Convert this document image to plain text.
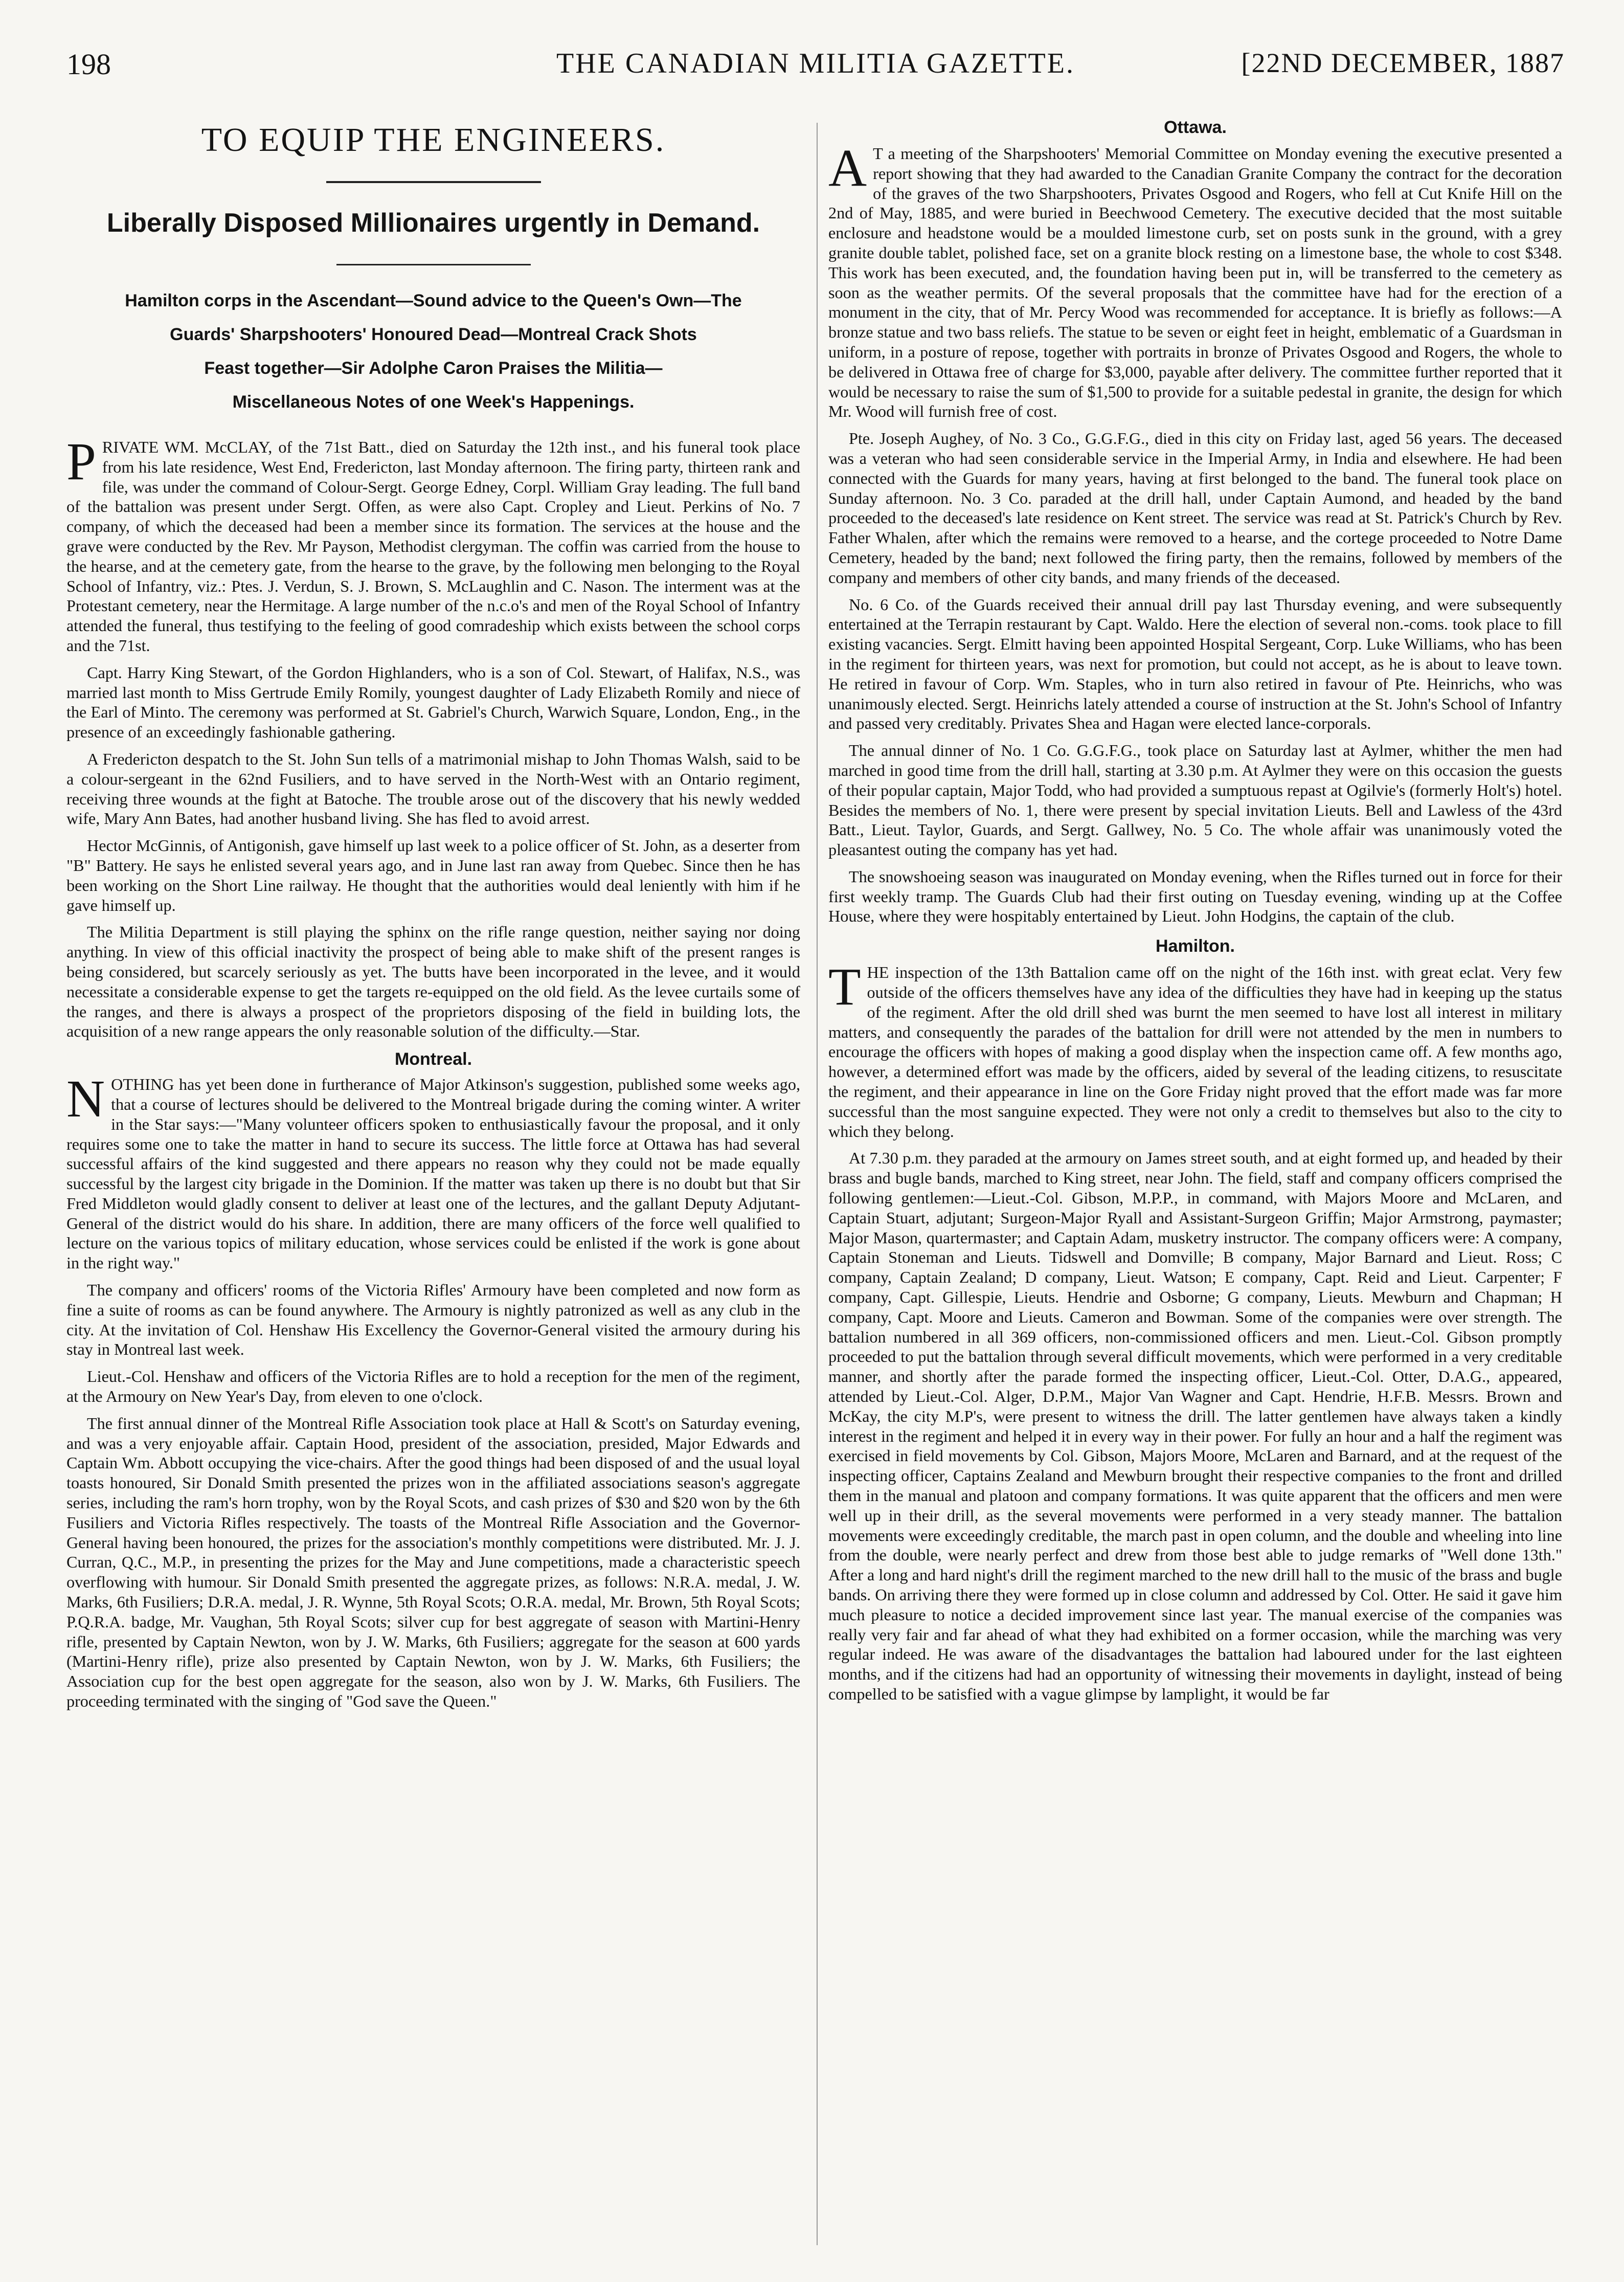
198	THE CANADIAN MILITIA GAZETTE.	[22ND DECEMBER, 1887
TO EQUIP THE ENGINEERS.
Liberally Disposed Millionaires urgently in Demand.
Hamilton corps in the Ascendant—Sound advice to the Queen's Own—The
Guards' Sharpshooters' Honoured Dead—Montreal Crack Shots
Feast together—Sir Adolphe Caron Praises the Militia—
Miscellaneous Notes of one Week's Happenings.

PRIVATE WM. McCLAY, of the 71st Batt., died on Saturday the 12th inst., and his funeral took place from his late residence, West End, Fredericton, last Monday afternoon. The firing party, thirteen rank and file, was under the command of Colour-Sergt. George Edney, Corpl. William Gray leading. The full band of the battalion was present under Sergt. Offen, as were also Capt. Cropley and Lieut. Perkins of No. 7 company, of which the deceased had been a member since its formation. The services at the house and the grave were conducted by the Rev. Mr Payson, Methodist clergyman. The coffin was carried from the house to the hearse, and at the cemetery gate, from the hearse to the grave, by the following men belonging to the Royal School of Infantry, viz.: Ptes. J. Verdun, S. J. Brown, S. McLaughlin and C. Nason. The interment was at the Protestant cemetery, near the Hermitage. A large number of the n.c.o's and men of the Royal School of Infantry attended the funeral, thus testifying to the feeling of good comradeship which exists between the school corps and the 71st.

Capt. Harry King Stewart, of the Gordon Highlanders, who is a son of Col. Stewart, of Halifax, N.S., was married last month to Miss Gertrude Emily Romily, youngest daughter of Lady Elizabeth Romily and niece of the Earl of Minto. The ceremony was performed at St. Gabriel's Church, Warwich Square, London, Eng., in the presence of an exceedingly fashionable gathering.

A Fredericton despatch to the St. John Sun tells of a matrimonial mishap to John Thomas Walsh, said to be a colour-sergeant in the 62nd Fusiliers, and to have served in the North-West with an Ontario regiment, receiving three wounds at the fight at Batoche. The trouble arose out of the discovery that his newly wedded wife, Mary Ann Bates, had another husband living. She has fled to avoid arrest.

Hector McGinnis, of Antigonish, gave himself up last week to a police officer of St. John, as a deserter from "B" Battery. He says he enlisted several years ago, and in June last ran away from Quebec. Since then he has been working on the Short Line railway. He thought that the authorities would deal leniently with him if he gave himself up.

The Militia Department is still playing the sphinx on the rifle range question, neither saying nor doing anything. In view of this official inactivity the prospect of being able to make shift of the present ranges is being considered, but scarcely seriously as yet. The butts have been incorporated in the levee, and it would necessitate a considerable expense to get the targets re-equipped on the old field. As the levee curtails some of the ranges, and there is always a prospect of the proprietors disposing of the field in building lots, the acquisition of a new range appears the only reasonable solution of the difficulty.—Star.

Montreal.

NOTHING has yet been done in furtherance of Major Atkinson's suggestion, published some weeks ago, that a course of lectures should be delivered to the Montreal brigade during the coming winter. A writer in the Star says:—"Many volunteer officers spoken to enthusiastically favour the proposal, and it only requires some one to take the matter in hand to secure its success. The little force at Ottawa has had several successful affairs of the kind suggested and there appears no reason why they could not be made equally successful by the largest city brigade in the Dominion. If the matter was taken up there is no doubt but that Sir Fred Middleton would gladly consent to deliver at least one of the lectures, and the gallant Deputy Adjutant-General of the district would do his share. In addition, there are many officers of the force well qualified to lecture on the various topics of military education, whose services could be enlisted if the work is gone about in the right way."

The company and officers' rooms of the Victoria Rifles' Armoury have been completed and now form as fine a suite of rooms as can be found anywhere. The Armoury is nightly patronized as well as any club in the city. At the invitation of Col. Henshaw His Excellency the Governor-General visited the armoury during his stay in Montreal last week.

Lieut.-Col. Henshaw and officers of the Victoria Rifles are to hold a reception for the men of the regiment, at the Armoury on New Year's Day, from eleven to one o'clock.

The first annual dinner of the Montreal Rifle Association took place at Hall & Scott's on Saturday evening, and was a very enjoyable affair. Captain Hood, president of the association, presided, Major Edwards and Captain Wm. Abbott occupying the vice-chairs. After the good things had been disposed of and the usual loyal toasts honoured, Sir Donald Smith presented the prizes won in the affiliated associations season's aggregate series, including the ram's horn trophy, won by the Royal Scots, and cash prizes of $30 and $20 won by the 6th Fusiliers and Victoria Rifles respectively. The toasts of the Montreal Rifle Association and the Governor-General having been honoured, the prizes for the association's monthly competitions were distributed. Mr. J. J. Curran, Q.C., M.P., in presenting the prizes for the May and June competitions, made a characteristic speech overflowing with humour. Sir Donald Smith presented the aggregate prizes, as follows: N.R.A. medal, J. W. Marks, 6th Fusiliers; D.R.A. medal, J. R. Wynne, 5th Royal Scots; O.R.A. medal, Mr. Brown, 5th Royal Scots; P.Q.R.A. badge, Mr. Vaughan, 5th Royal Scots; silver cup for best aggregate of season with Martini-Henry rifle, presented by Captain Newton, won by J. W. Marks, 6th Fusiliers; aggregate for the season at 600 yards (Martini-Henry rifle), prize also presented by Captain Newton, won by J. W. Marks, 6th Fusiliers; the Association cup for the best open aggregate for the season, also won by J. W. Marks, 6th Fusiliers. The proceeding terminated with the singing of "God save the Queen."

Ottawa.

A T a meeting of the Sharpshooters' Memorial Committee on Monday evening the executive presented a report showing that they had awarded to the Canadian Granite Company the contract for the decoration of the graves of the two Sharpshooters, Privates Osgood and Rogers, who fell at Cut Knife Hill on the 2nd of May, 1885, and were buried in Beechwood Cemetery. The executive decided that the most suitable enclosure and headstone would be a moulded limestone curb, set on posts sunk in the ground, with a grey granite double tablet, polished face, set on a granite block resting on a limestone base, the whole to cost $348. This work has been executed, and, the foundation having been put in, will be transferred to the cemetery as soon as the weather permits. Of the several proposals that the committee have had for the erection of a monument in the city, that of Mr. Percy Wood was recommended for acceptance. It is briefly as follows:—A bronze statue and two bass reliefs. The statue to be seven or eight feet in height, emblematic of a Guardsman in uniform, in a posture of repose, together with portraits in bronze of Privates Osgood and Rogers, the whole to be delivered in Ottawa free of charge for $3,000, payable after delivery. The committee further reported that it would be necessary to raise the sum of $1,500 to provide for a suitable pedestal in granite, the design for which Mr. Wood will furnish free of cost.

Pte. Joseph Aughey, of No. 3 Co., G.G.F.G., died in this city on Friday last, aged 56 years. The deceased was a veteran who had seen considerable service in the Imperial Army, in India and elsewhere. He had been connected with the Guards for many years, having at first belonged to the band. The funeral took place on Sunday afternoon. No. 3 Co. paraded at the drill hall, under Captain Aumond, and headed by the band proceeded to the deceased's late residence on Kent street. The service was read at St. Patrick's Church by Rev. Father Whalen, after which the remains were removed to a hearse, and the cortege proceeded to Notre Dame Cemetery, headed by the band; next followed the firing party, then the remains, followed by members of the company and members of other city bands, and many friends of the deceased.

No. 6 Co. of the Guards received their annual drill pay last Thursday evening, and were subsequently entertained at the Terrapin restaurant by Capt. Waldo. Here the election of several non.-coms. took place to fill existing vacancies. Sergt. Elmitt having been appointed Hospital Sergeant, Corp. Luke Williams, who has been in the regiment for thirteen years, was next for promotion, but could not accept, as he is about to leave town. He retired in favour of Corp. Wm. Staples, who in turn also retired in favour of Pte. Heinrichs, who was unanimously elected. Sergt. Heinrichs lately attended a course of instruction at the St. John's School of Infantry and passed very creditably. Privates Shea and Hagan were elected lance-corporals.

The annual dinner of No. 1 Co. G.G.F.G., took place on Saturday last at Aylmer, whither the men had marched in good time from the drill hall, starting at 3.30 p.m. At Aylmer they were on this occasion the guests of their popular captain, Major Todd, who had provided a sumptuous repast at Ogilvie's (formerly Holt's) hotel. Besides the members of No. 1, there were present by special invitation Lieuts. Bell and Lawless of the 43rd Batt., Lieut. Taylor, Guards, and Sergt. Gallwey, No. 5 Co. The whole affair was unanimously voted the pleasantest outing the company has yet had.

The snowshoeing season was inaugurated on Monday evening, when the Rifles turned out in force for their first weekly tramp. The Guards Club had their first outing on Tuesday evening, winding up at the Coffee House, where they were hospitably entertained by Lieut. John Hodgins, the captain of the club.

Hamilton.

THE inspection of the 13th Battalion came off on the night of the 16th inst. with great eclat. Very few outside of the officers themselves have any idea of the difficulties they have had in keeping up the status of the regiment. After the old drill shed was burnt the men seemed to have lost all interest in military matters, and consequently the parades of the battalion for drill were not attended by the men in numbers to encourage the officers with hopes of making a good display when the inspection came off. A few months ago, however, a determined effort was made by the officers, aided by several of the leading citizens, to resuscitate the regiment, and their appearance in line on the Gore Friday night proved that the effort made was far more successful than the most sanguine expected. They were not only a credit to themselves but also to the city to which they belong.

At 7.30 p.m. they paraded at the armoury on James street south, and at eight formed up, and headed by their brass and bugle bands, marched to King street, near John. The field, staff and company officers comprised the following gentlemen:—Lieut.-Col. Gibson, M.P.P., in command, with Majors Moore and McLaren, and Captain Stuart, adjutant; Surgeon-Major Ryall and Assistant-Surgeon Griffin; Major Armstrong, paymaster; Major Mason, quartermaster; and Captain Adam, musketry instructor. The company officers were: A company, Captain Stoneman and Lieuts. Tidswell and Domville; B company, Major Barnard and Lieut. Ross; C company, Captain Zealand; D company, Lieut. Watson; E company, Capt. Reid and Lieut. Carpenter; F company, Capt. Gillespie, Lieuts. Hendrie and Osborne; G company, Lieuts. Mewburn and Chapman; H company, Capt. Moore and Lieuts. Cameron and Bowman. Some of the companies were over strength. The battalion numbered in all 369 officers, non-commissioned officers and men. Lieut.-Col. Gibson promptly proceeded to put the battalion through several difficult movements, which were performed in a very creditable manner, and shortly after the parade formed the inspecting officer, Lieut.-Col. Otter, D.A.G., appeared, attended by Lieut.-Col. Alger, D.P.M., Major Van Wagner and Capt. Hendrie, H.F.B. Messrs. Brown and McKay, the city M.P's, were present to witness the drill. The latter gentlemen have always taken a kindly interest in the regiment and helped it in every way in their power. For fully an hour and a half the regiment was exercised in field movements by Col. Gibson, Majors Moore, McLaren and Barnard, and at the request of the inspecting officer, Captains Zealand and Mewburn brought their respective companies to the front and drilled them in the manual and platoon and company formations. It was quite apparent that the officers and men were well up in their drill, as the several movements were performed in a very steady manner. The battalion movements were exceedingly creditable, the march past in open column, and the double and wheeling into line from the double, were nearly perfect and drew from those best able to judge remarks of "Well done 13th." After a long and hard night's drill the regiment marched to the new drill hall to the music of the brass and bugle bands. On arriving there they were formed up in close column and addressed by Col. Otter. He said it gave him much pleasure to notice a decided improvement since last year. The manual exercise of the companies was really very fair and far ahead of what they had exhibited on a former occasion, while the marching was very regular indeed. He was aware of the disadvantages the battalion had laboured under for the last eighteen months, and if the citizens had had an opportunity of witnessing their movements in daylight, instead of being compelled to be satisfied with a vague glimpse by lamplight, it would be far
